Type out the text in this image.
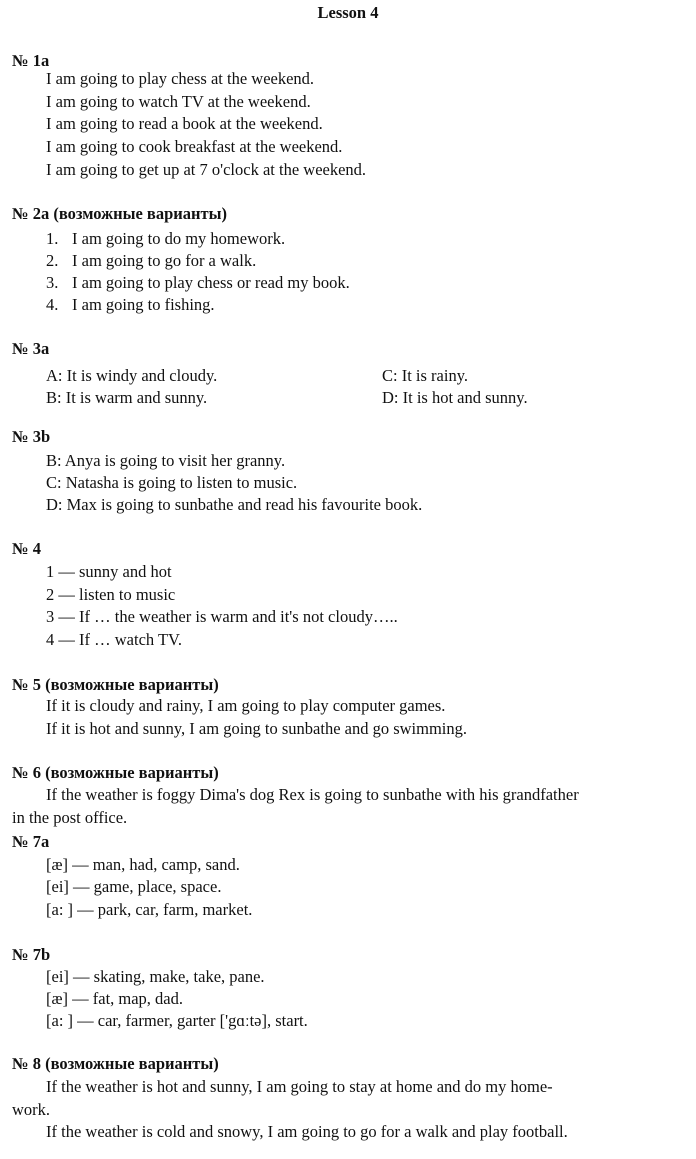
Lesson 4
№ 1a
I am going to play chess at the weekend.
I am going to watch TV at the weekend.
I am going to read a book at the weekend.
I am going to cook breakfast at the weekend.
I am going to get up at 7 o'clock at the weekend.
№ 2a (возможные варианты)
1. I am going to do my homework.
2. I am going to go for a walk.
3. I am going to play chess or read my book.
4. I am going to fishing.
№ 3a
A: It is windy and cloudy.	C: It is rainy.
B: It is warm and sunny.	D: It is hot and sunny.
№ 3b
B: Anya is going to visit her granny.
C: Natasha is going to listen to music.
D: Max is going to sunbathe and read his favourite book.
№ 4
1 — sunny and hot
2 — listen to music
3 — If … the weather is warm and it's not cloudy…..
4 — If … watch TV.
№ 5 (возможные варианты)
If it is cloudy and rainy, I am going to play computer games.
If it is hot and sunny, I am going to sunbathe and go swimming.
№ 6 (возможные варианты)
If the weather is foggy Dima's dog Rex is going to sunbathe with his grandfather
in the post office.
№ 7a
[æ] — man, had, camp, sand.
[ei] — game, place, space.
[a: ] — park, car, farm, market.
№ 7b
[ei] — skating, make, take, pane.
[æ] — fat, map, dad.
[a: ] — car, farmer, garter ['gɑːtə], start.
№ 8 (возможные варианты)
If the weather is hot and sunny, I am going to stay at home and do my home-
work.
If the weather is cold and snowy, I am going to go for a walk and play football.
